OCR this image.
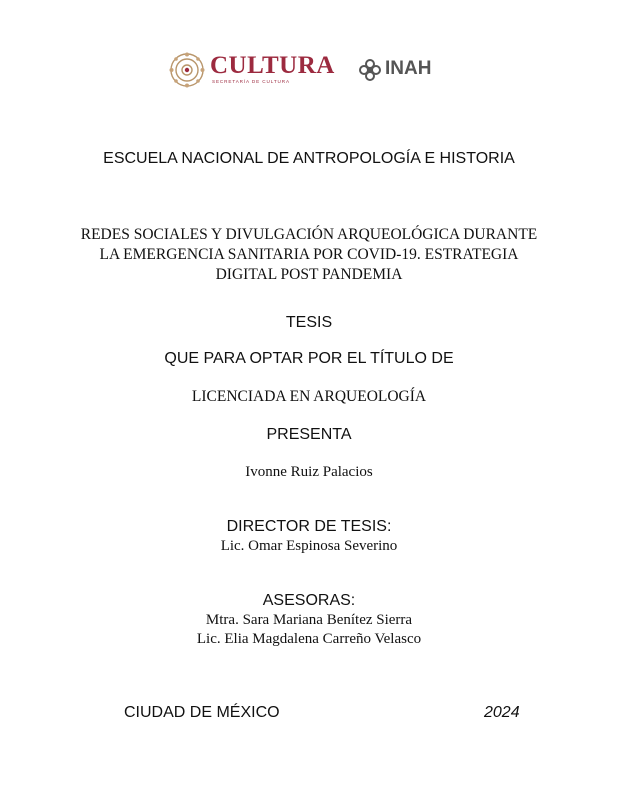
CULTURA
SECRETARÍA DE CULTURA
INAH
ESCUELA NACIONAL DE ANTROPOLOGÍA E HISTORIA
REDES SOCIALES Y DIVULGACIÓN ARQUEOLÓGICA DURANTE
LA EMERGENCIA SANITARIA POR COVID-19. ESTRATEGIA
DIGITAL POST PANDEMIA
TESIS
QUE PARA OPTAR POR EL TÍTULO DE
LICENCIADA EN ARQUEOLOGÍA
PRESENTA
Ivonne Ruiz Palacios
DIRECTOR DE TESIS:
Lic. Omar Espinosa Severino
ASESORAS:
Mtra. Sara Mariana Benítez Sierra
Lic. Elia Magdalena Carreño Velasco
CIUDAD DE MÉXICO	2024
